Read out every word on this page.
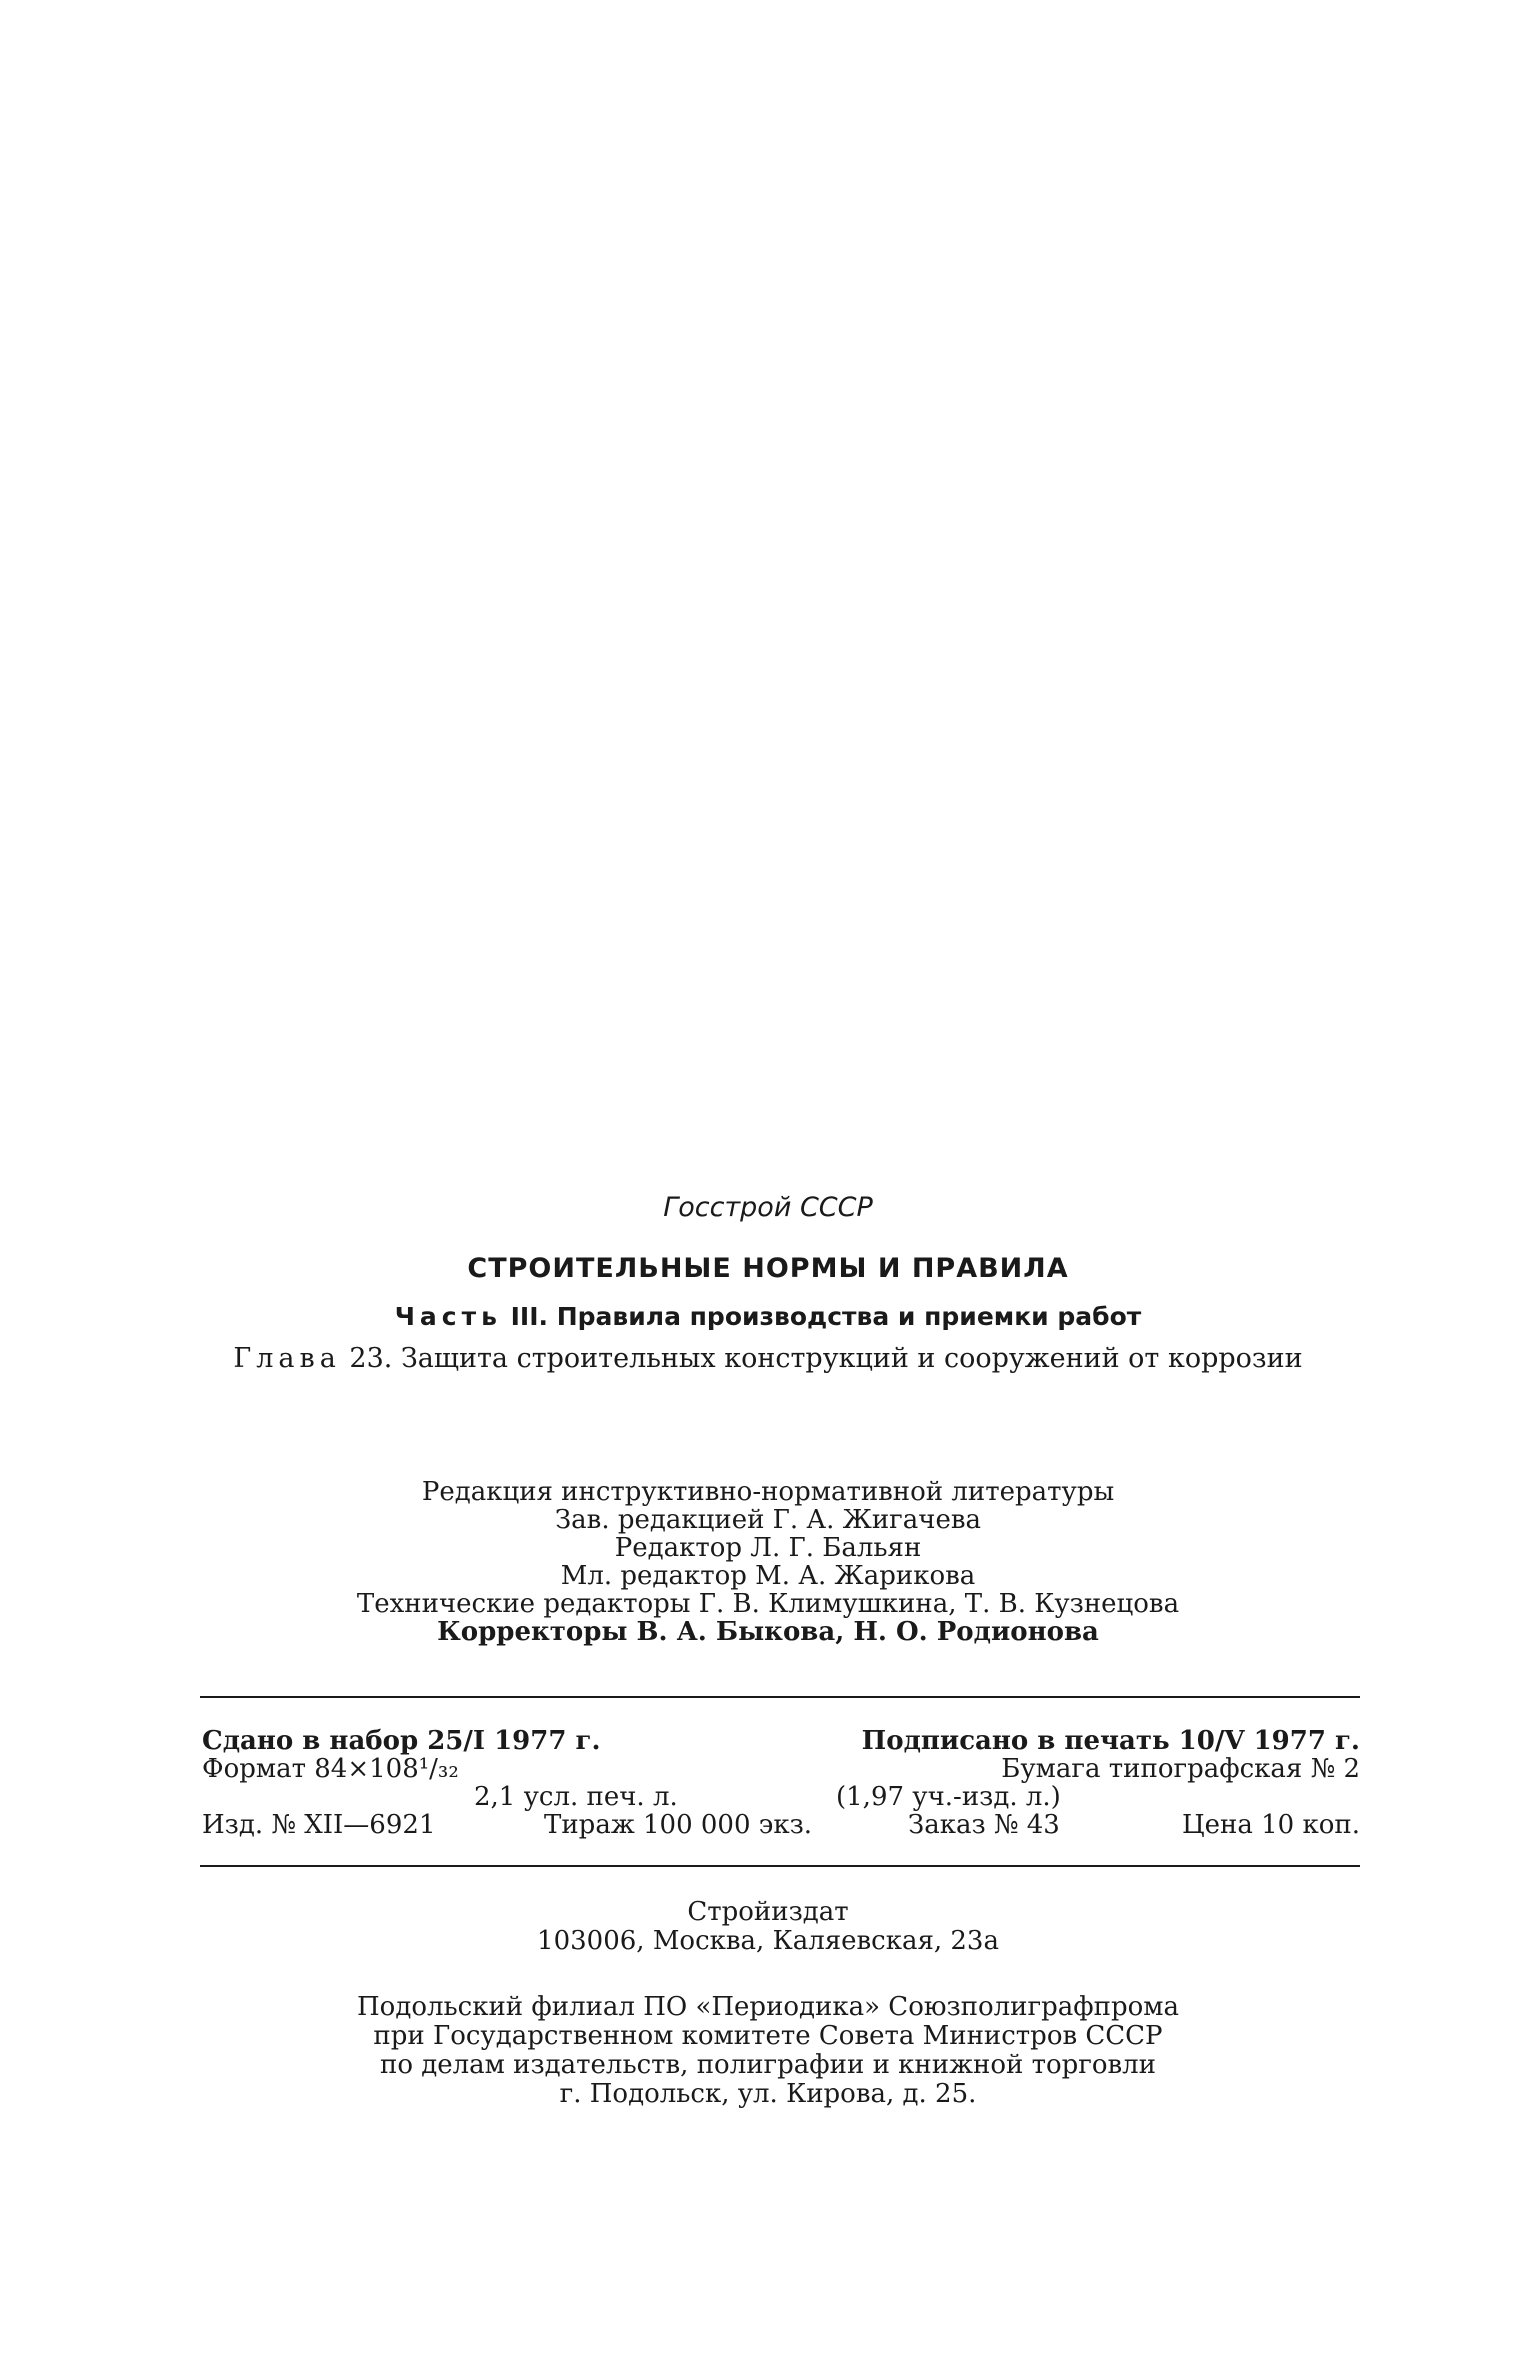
Госстрой СССР
СТРОИТЕЛЬНЫЕ НОРМЫ И ПРАВИЛА
Часть III. Правила производства и приемки работ
Глава 23. Защита строительных конструкций и сооружений от коррозии
Редакция инструктивно-нормативной литературы
Зав. редакцией Г. А. Жигачева
Редактор Л. Г. Бальян
Мл. редактор М. А. Жарикова
Технические редакторы Г. В. Климушкина, Т. В. Кузнецова
Корректоры В. А. Быкова, Н. О. Родионова
Сдано в набор 25/I 1977 г.	Подписано в печать 10/V 1977 г.
Формат 84×108¹/₃₂	Бумага типографская № 2
2,1 усл. печ. л.	(1,97 уч.-изд. л.)
Изд. № XII—6921	Тираж 100 000 экз.	Заказ № 43	Цена 10 коп.
Стройиздат
103006, Москва, Каляевская, 23а
Подольский филиал ПО «Периодика» Союзполиграфпрома
при Государственном комитете Совета Министров СССР
по делам издательств, полиграфии и книжной торговли
г. Подольск, ул. Кирова, д. 25.
